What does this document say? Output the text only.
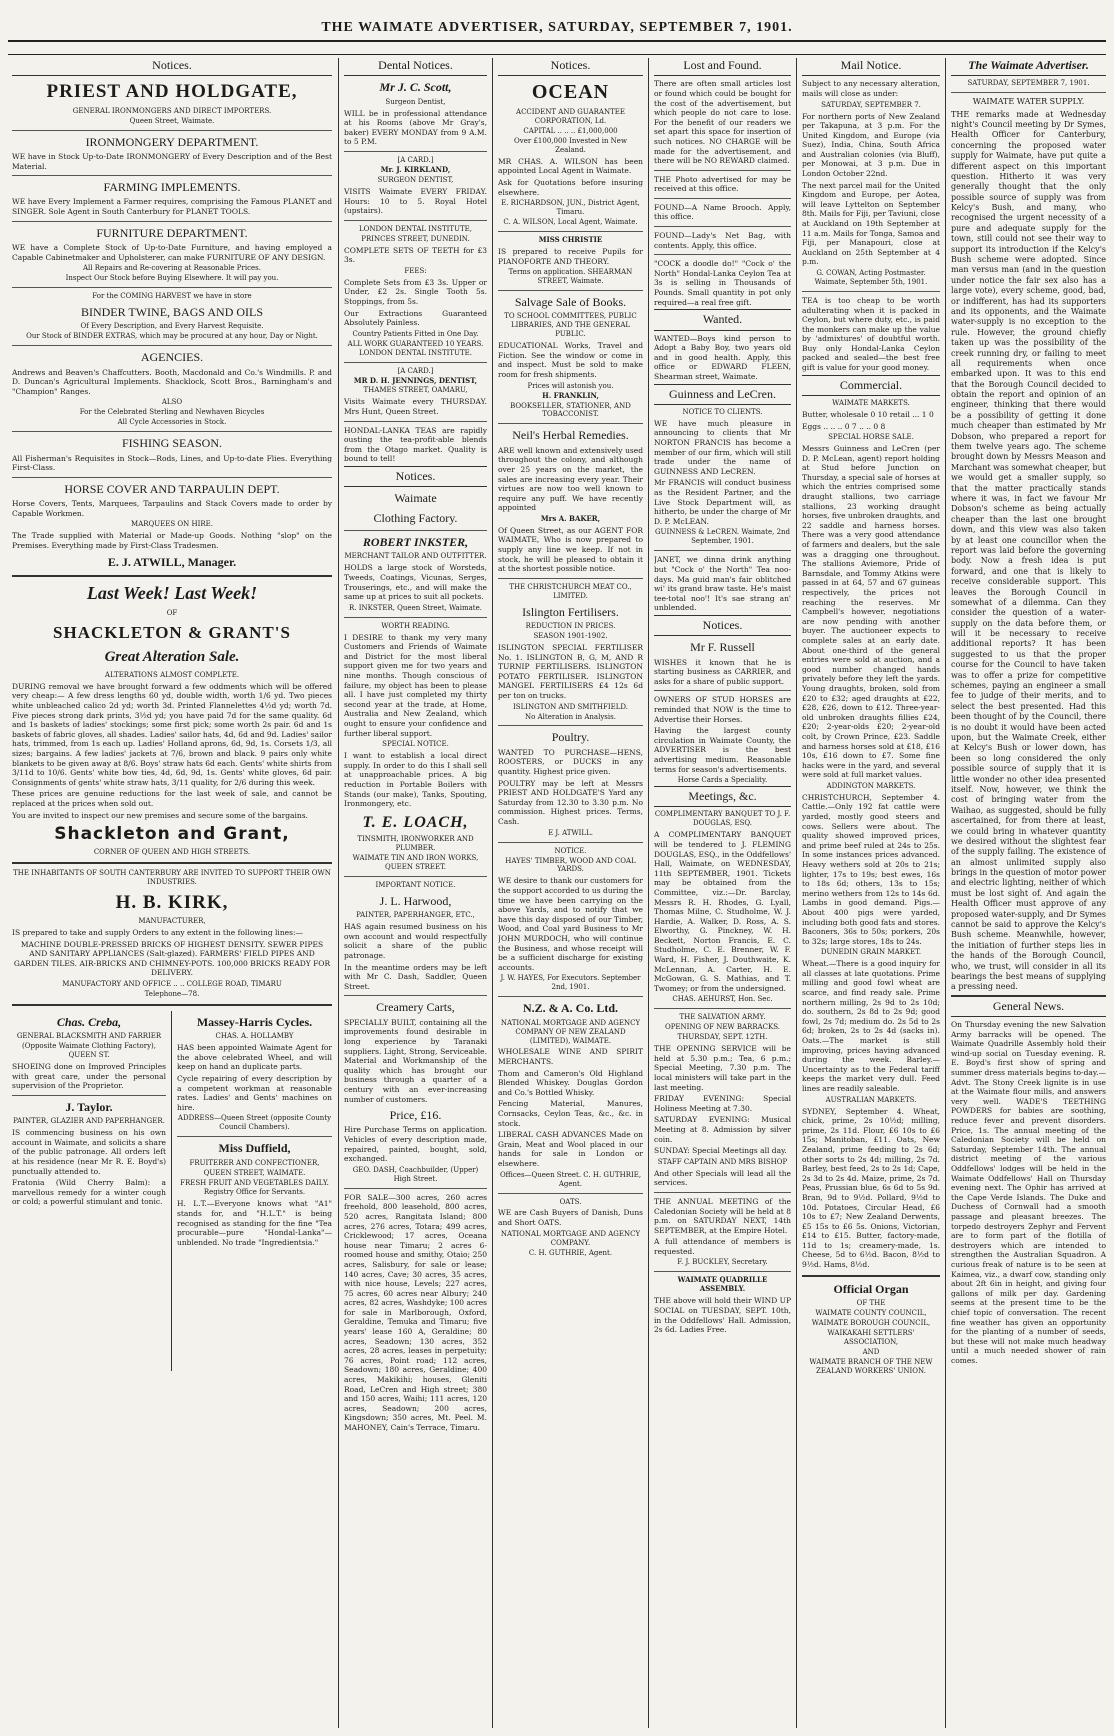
THE WAIMATE ADVERTISER, SATURDAY, SEPTEMBER 7, 1901.
Notices.
PRIEST AND HOLDGATE,
GENERAL IRONMONGERS AND DIRECT IMPORTERS.
Queen Street, Waimate.
IRONMONGERY DEPARTMENT.
WE have in Stock Up-to-Date IRONMONGERY of Every Description and of the Best Material.
FARMING IMPLEMENTS.
WE have Every Implement a Farmer requires, comprising the Famous PLANET and SINGER. Sole Agent in South Canterbury for PLANET TOOLS.
FURNITURE DEPARTMENT.
WE have a Complete Stock of Up-to-Date Furniture, and having employed a Capable Cabinetmaker and Upholsterer, can make FURNITURE OF ANY DESIGN.
All Repairs and Re-covering at Reasonable Prices.
Inspect Our Stock before Buying Elsewhere. It will pay you.
For the COMING HARVEST we have in store
BINDER TWINE, BAGS AND OILS
Of Every Description, and Every Harvest Requisite.
Our Stock of BINDER EXTRAS, which may be procured at any hour, Day or Night.
AGENCIES.
Andrews and Beaven's Chaffcutters. Booth, Macdonald and Co.'s Windmills. P. and D. Duncan's Agricultural Implements. Shacklock, Scott Bros., Barningham's and "Champion" Ranges.
ALSO
For the Celebrated Sterling and Newhaven Bicycles
All Cycle Accessories in Stock.
FISHING SEASON.
All Fisherman's Requisites in Stock—Rods, Lines, and Up-to-date Flies. Everything First-Class.
HORSE COVER AND TARPAULIN DEPT.
Horse Covers, Tents, Marquees, Tarpaulins and Stack Covers made to order by Capable Workmen.
MARQUEES ON HIRE.
The Trade supplied with Material or Made-up Goods. Nothing "slop" on the Premises. Everything made by First-Class Tradesmen.
E. J. ATWILL, Manager.
Last Week! Last Week!
OF
SHACKLETON & GRANT'S
Great Alteration Sale.
ALTERATIONS ALMOST COMPLETE.
DURING removal we have brought forward a few oddments which will be offered very cheap:— A few dress lengths 60 yd, double width, worth 1/6 yd. Two pieces white unbleached calico 2d yd; worth 3d. Printed Flannelettes 4½d yd; worth 7d. Five pieces strong dark prints, 3½d yd; you have paid 7d for the same quality. 6d and 1s baskets of ladies' stockings; some first pick; some worth 2s pair. 6d and 1s baskets of fabric gloves, all shades. Ladies' sailor hats, 4d, 6d and 9d. Ladies' sailor hats, trimmed, from 1s each up. Ladies' Holland aprons, 6d, 9d, 1s. Corsets 1/3, all sizes; bargains. A few ladies' jackets at 7/6, brown and black. 9 pairs only white blankets to be given away at 8/6. Boys' straw hats 6d each. Gents' white shirts from 3/11d to 10/6. Gents' white bow ties, 4d, 6d, 9d, 1s. Gents' white gloves, 6d pair. Consignments of gents' white straw hats, 3/11 quality, for 2/6 during this week.
These prices are genuine reductions for the last week of sale, and cannot be replaced at the prices when sold out.
You are invited to inspect our new premises and secure some of the bargains.
Shackleton and Grant,
CORNER OF QUEEN AND HIGH STREETS.
THE INHABITANTS OF SOUTH CANTERBURY ARE INVITED TO SUPPORT THEIR OWN INDUSTRIES.
H. B. KIRK,
MANUFACTURER,
IS prepared to take and supply Orders to any extent in the following lines:—
MACHINE DOUBLE-PRESSED BRICKS OF HIGHEST DENSITY. SEWER PIPES AND SANITARY APPLIANCES (Salt-glazed). FARMERS' FIELD PIPES AND GARDEN TILES. AIR-BRICKS AND CHIMNEY-POTS. 100,000 BRICKS READY FOR DELIVERY.
MANUFACTORY AND OFFICE .. .. COLLEGE ROAD, TIMARU
Telephone—78.
Chas. Creba,
GENERAL BLACKSMITH AND FARRIER
(Opposite Waimate Clothing Factory), QUEEN ST.
SHOEING done on Improved Principles with great care, under the personal supervision of the Proprietor.
J. Taylor.
PAINTER, GLAZIER AND PAPERHANGER.
IS commencing business on his own account in Waimate, and solicits a share of the public patronage. All orders left at his residence (near Mr R. E. Boyd's) punctually attended to.
Fratonia (Wild Cherry Balm): a marvellous remedy for a winter cough or cold; a powerful stimulant and tonic.
Massey-Harris Cycles.
CHAS. A. HOLLAMBY
HAS been appointed Waimate Agent for the above celebrated Wheel, and will keep on hand an duplicate parts.
Cycle repairing of every description by a competent workman at reasonable rates. Ladies' and Gents' machines on hire.
ADDRESS—Queen Street (opposite County Council Chambers).
Miss Duffield,
FRUITERER AND CONFECTIONER,
QUEEN STREET, WAIMATE.
FRESH FRUIT AND VEGETABLES DAILY.
Registry Office for Servants.
H. L.T.—Everyone knows what "A1" stands for, and "H.L.T." is being recognised as standing for the fine "Tea procurable—pure "Hondal-Lanka"—unblended. No trade "Ingredientsia."
Dental Notices.
Mr J. C. Scott,
Surgeon Dentist,
WILL be in professional attendance at his Rooms (above Mr Gray's, baker) EVERY MONDAY from 9 A.M. to 5 P.M.
[A CARD.]
Mr. J. KIRKLAND,
SURGEON DENTIST,
VISITS Waimate EVERY FRIDAY. Hours: 10 to 5. Royal Hotel (upstairs).
LONDON DENTAL INSTITUTE,
PRINCES STREET, DUNEDIN.
COMPLETE SETS OF TEETH for £3 3s.
FEES:
Complete Sets from £3 3s. Upper or Under, £2 2s. Single Tooth 5s. Stoppings, from 5s.
Our Extractions Guaranteed Absolutely Painless.
Country Patients Fitted in One Day.
ALL WORK GUARANTEED 10 YEARS. LONDON DENTAL INSTITUTE.
[A CARD.]
MR D. H. JENNINGS, DENTIST,
THAMES STREET, OAMARU,
Visits Waimate every THURSDAY. Mrs Hunt, Queen Street.
HONDAL-LANKA TEAS are rapidly ousting the tea-profit-able blends from the Otago market. Quality is bound to tell!
Notices.
Waimate
Clothing Factory.
ROBERT INKSTER,
MERCHANT TAILOR AND OUTFITTER.
HOLDS a large stock of Worsteds, Tweeds, Coatings, Vicunas, Serges, Trouserings, etc., and will make the same up at prices to suit all pockets.
R. INKSTER, Queen Street, Waimate.
WORTH READING.
I DESIRE to thank my very many Customers and Friends of Waimate and District for the most liberal support given me for two years and nine months. Though conscious of failure, my object has been to please all. I have just completed my thirty second year at the trade, at Home, Australia and New Zealand, which ought to ensure your confidence and further liberal support.
SPECIAL NOTICE.
I want to establish a local direct supply. In order to do this I shall sell at unapproachable prices. A big reduction in Portable Boilers with Stands (our make), Tanks, Spouting, Ironmongery, etc.
T. E. LOACH,
TINSMITH, IRONWORKER AND PLUMBER.
WAIMATE TIN AND IRON WORKS, QUEEN STREET.
IMPORTANT NOTICE.
J. L. Harwood,
PAINTER, PAPERHANGER, ETC.,
HAS again resumed business on his own account and would respectfully solicit a share of the public patronage.
In the meantime orders may be left with Mr C. Dash, Saddler, Queen Street.
Creamery Carts,
SPECIALLY BUILT, containing all the improvements found desirable in long experience by Taranaki suppliers. Light, Strong, Serviceable. Material and Workmanship of the quality which has brought our business through a quarter of a century with an ever-increasing number of customers.
Price, £16.
Hire Purchase Terms on application. Vehicles of every description made, repaired, painted, bought, sold, exchanged.
GEO. DASH, Coachbuilder, (Upper) High Street.
FOR SALE—300 acres, 260 acres freehold, 800 leasehold, 800 acres, 520 acres, Rangitata Island; 800 acres, 276 acres, Totara; 499 acres, Cricklewood; 17 acres, Oceana house near Timaru; 2 acres 6-roomed house and smithy, Otaio; 250 acres, Salisbury, for sale or lease; 140 acres, Cave; 30 acres, 35 acres, with nice house, Levels; 227 acres, 75 acres, 60 acres near Albury; 240 acres, 82 acres, Washdyke; 100 acres for sale in Marlborough, Oxford, Geraldine, Temuka and Timaru; five years' lease 160 A, Geraldine; 80 acres, Seadown; 130 acres, 352 acres, 28 acres, leases in perpetuity; 76 acres, Point road; 112 acres, Seadown; 180 acres, Geraldine; 400 acres, Makikihi; houses, Gleniti Road, LeCren and High street; 380 and 150 acres, Waihi; 111 acres, 120 acres, Seadown; 200 acres, Kingsdown; 350 acres, Mt. Peel. M. MAHONEY, Cain's Terrace, Timaru.
Notices.
OCEAN
ACCIDENT AND GUARANTEE CORPORATION, Ld.
CAPITAL .. .. .. £1,000,000
Over £100,000 Invested in New Zealand.
MR CHAS. A. WILSON has been appointed Local Agent in Waimate.
Ask for Quotations before insuring elsewhere.
E. RICHARDSON, JUN., District Agent, Timaru.
C. A. WILSON, Local Agent, Waimate.
MISS CHRISTIE
IS prepared to receive Pupils for PIANOFORTE AND THEORY.
Terms on application. SHEARMAN STREET, Waimate.
Salvage Sale of Books.
TO SCHOOL COMMITTEES, PUBLIC LIBRARIES, AND THE GENERAL PUBLIC.
EDUCATIONAL Works, Travel and Fiction. See the window or come in and inspect. Must be sold to make room for fresh shipments.
Prices will astonish you.
H. FRANKLIN,
BOOKSELLER, STATIONER, AND TOBACCONIST.
Neil's Herbal Remedies.
ARE well known and extensively used throughout the colony, and although over 25 years on the market, the sales are increasing every year. Their virtues are now too well known to require any puff. We have recently appointed
Mrs A. BAKER,
Of Queen Street, as our AGENT FOR WAIMATE, Who is now prepared to supply any line we keep. If not in stock, he will be pleased to obtain it at the shortest possible notice.
THE CHRISTCHURCH MEAT CO., LIMITED.
Islington Fertilisers.
REDUCTION IN PRICES.
SEASON 1901-1902.
ISLINGTON SPECIAL FERTILISER No. 1. ISLINGTON B, G, M, AND R TURNIP FERTILISERS. ISLINGTON POTATO FERTILISER. ISLINGTON MANGEL FERTILISERS £4 12s 6d per ton on trucks.
ISLINGTON AND SMITHFIELD.
No Alteration in Analysis.
Poultry.
WANTED TO PURCHASE—HENS, ROOSTERS, or DUCKS in any quantity. Highest price given.
POULTRY may be left at Messrs PRIEST AND HOLDGATE'S Yard any Saturday from 12.30 to 3.30 p.m. No commission. Highest prices. Terms, Cash.
E J. ATWILL.
NOTICE.
HAYES' TIMBER, WOOD AND COAL YARDS.
WE desire to thank our customers for the support accorded to us during the time we have been carrying on the above Yards, and to notify that we have this day disposed of our Timber, Wood, and Coal yard Business to Mr JOHN MURDOCH, who will continue the Business, and whose receipt will be a sufficient discharge for existing accounts.
J. W. HAYES, For Executors. September 2nd, 1901.
N.Z. & A. Co. Ltd.
NATIONAL MORTGAGE AND AGENCY COMPANY OF NEW ZEALAND (LIMITED), WAIMATE.
WHOLESALE WINE AND SPIRIT MERCHANTS.
Thom and Cameron's Old Highland Blended Whiskey. Douglas Gordon and Co.'s Bottled Whisky.
Fencing Material, Manures, Cornsacks, Ceylon Teas, &c., &c. in stock.
LIBERAL CASH ADVANCES Made on Grain, Meat and Wool placed in our hands for sale in London or elsewhere.
Offices—Queen Street. C. H. GUTHRIE, Agent.
OATS.
WE are Cash Buyers of Danish, Duns and Short OATS.
NATIONAL MORTGAGE AND AGENCY COMPANY.
C. H. GUTHRIE, Agent.
Lost and Found.
There are often small articles lost or found which could be bought for the cost of the advertisement, but which people do not care to lose. For the benefit of our readers we set apart this space for insertion of such notices. NO CHARGE will be made for the advertisement, and there will be NO REWARD claimed.
THE Photo advertised for may be received at this office.
FOUND—A Name Brooch. Apply, this office.
FOUND—Lady's Net Bag, with contents. Apply, this office.
"COCK a doodle do!" "Cock o' the North" Hondal-Lanka Ceylon Tea at 3s is selling in Thousands of Pounds. Small quantity in pot only required—a real free gift.
Wanted.
WANTED—Boys kind person to Adopt a Baby Boy, two years old and in good health. Apply, this office or EDWARD FLEEN, Shearman street, Waimate.
Guinness and LeCren.
NOTICE TO CLIENTS.
WE have much pleasure in announcing to clients that Mr NORTON FRANCIS has become a member of our firm, which will still trade under the name of GUINNESS AND LeCREN.
Mr FRANCIS will conduct business as the Resident Partner, and the Live Stock Department will, as hitherto, be under the charge of Mr D. P. McLEAN.
GUINNESS & LeCREN. Waimate, 2nd September, 1901.
JANET, we dinna drink anything but "Cock o' the North" Tea noo-days. Ma guid man's fair oblitched wi' its grand braw taste. He's maist tee-total noo'! It's sae strang an' unblended.
Notices.
Mr F. Russell
WISHES it known that he is starting business as CARRIER, and asks for a share of public support.
OWNERS OF STUD HORSES are reminded that NOW is the time to Advertise their Horses.
Having the largest county circulation in Waimate County, the ADVERTISER is the best advertising medium. Reasonable terms for season's advertisements.
Horse Cards a Speciality.
Meetings, &c.
COMPLIMENTARY BANQUET TO J. F. DOUGLAS, ESQ.
A COMPLIMENTARY BANQUET will be tendered to J. FLEMING DOUGLAS, ESQ., in the Oddfellows' Hall, Waimate, on WEDNESDAY, 11th SEPTEMBER, 1901. Tickets may be obtained from the Committee, viz.:—Dr. Barclay, Messrs R. H. Rhodes, G. Lyall, Thomas Milne, C. Studholme, W. J. Hardie, A. Walker, D. Ross, A. S. Elworthy, G. Pinckney, W. H. Beckett, Norton Francis, E. C. Studholme, C. E. Brenner, W. F. Ward, H. Fisher, J. Douthwaite, K. McLennan, A. Carter, H. E. McGowan, G. S. Mathias, and T. Twomey; or from the undersigned.
CHAS. AEHURST, Hon. Sec.
THE SALVATION ARMY.
OPENING OF NEW BARRACKS.
THURSDAY, SEPT. 12TH.
THE OPENING SERVICE will be held at 5.30 p.m.; Tea, 6 p.m.; Special Meeting, 7.30 p.m. The local ministers will take part in the last meeting.
FRIDAY EVENING: Special Holiness Meeting at 7.30.
SATURDAY EVENING: Musical Meeting at 8. Admission by silver coin.
SUNDAY: Special Meetings all day.
STAFF CAPTAIN AND MRS BISHOP
And other Specials will lead all the services.
THE ANNUAL MEETING of the Caledonian Society will be held at 8 p.m. on SATURDAY NEXT, 14th SEPTEMBER, at the Empire Hotel.
A full attendance of members is requested.
F. J. BUCKLEY, Secretary.
WAIMATE QUADRILLE ASSEMBLY.
THE above will hold their WIND UP SOCIAL on TUESDAY, SEPT. 10th, in the Oddfellows' Hall. Admission, 2s 6d. Ladies Free.
Mail Notice.
Subject to any necessary alteration, mails will close as under:
SATURDAY, SEPTEMBER 7.
For northern ports of New Zealand per Takapuna, at 3 p.m. For the United Kingdom, and Europe (via Suez), India, China, South Africa and Australian colonies (via Bluff), per Monowai, at 3 p.m. Due in London October 22nd.
The next parcel mail for the United Kingdom and Europe, per Aotea, will leave Lyttelton on September 8th. Mails for Fiji, per Taviuni, close at Auckland on 19th September at 11 a.m. Mails for Tonga, Samoa and Fiji, per Manapouri, close at Auckland on 25th September at 4 p.m.
G. COWAN, Acting Postmaster. Waimate, September 5th, 1901.
TEA is too cheap to be worth adulterating when it is packed in Ceylon, but where duty, etc., is paid the monkers can make up the value by 'admixtures' of doubtful worth. Buy only Hondal-Lanka Ceylon packed and sealed—the best free gift is value for your good money.
Commercial.
WAIMATE MARKETS.
Butter, wholesale 0 10 retail ... 1 0
Eggs .. .. .. 0 7 .. .. 0 8
SPECIAL HORSE SALE.
Messrs Guinness and LeCren (per D. P. McLean, agent) report holding at Stud before Junction on Thursday, a special sale of horses at which the entries comprised some draught stallions, two carriage stallions, 23 working draught horses, five unbroken draughts, and 22 saddle and harness horses. There was a very good attendance of farmers and dealers, but the sale was a dragging one throughout. The stallions Aviemore, Pride of Barnsdale, and Tommy Atkins were passed in at 64, 57 and 67 guineas respectively, the prices not reaching the reserves. Mr Campbell's however, negotiations are now pending with another buyer. The auctioneer expects to complete sales at an early date. About one-third of the general entries were sold at auction, and a good number changed hands privately before they left the yards. Young draughts, broken, sold from £20 to £32; aged draughts at £22, £28, £26, down to £12. Three-year-old unbroken draughts fillies £24, £20; 2-year-olds £20; 2-year-old colt, by Crown Prince, £23. Saddle and harness horses sold at £18, £16 10s, £16 down to £7. Some fine hacks were in the yard, and several were sold at full market values.
ADDINGTON MARKETS.
CHRISTCHURCH, September 4. Cattle.—Only 192 fat cattle were yarded, mostly good steers and cows. Sellers were about. The quality showed improved prices, and prime beef ruled at 24s to 25s. In some instances prices advanced. Heavy wethers sold at 20s to 21s; lighter, 17s to 19s; best ewes, 16s to 18s 6d; others, 13s to 15s; merino wethers from 12s to 14s 6d. Lambs in good demand. Pigs.—About 400 pigs were yarded, including both good fats and stores. Baconers, 36s to 50s; porkers, 20s to 32s; large stores, 18s to 24s.
DUNEDIN GRAIN MARKET.
Wheat.—There is a good inquiry for all classes at late quotations. Prime milling and good fowl wheat are scarce, and find ready sale. Prime northern milling, 2s 9d to 2s 10d; do. southern, 2s 8d to 2s 9d; good fowl, 2s 7d; medium do. 2s 5d to 2s 6d; broken, 2s to 2s 4d (sacks in). Oats.—The market is still improving, prices having advanced during the week. Barley.—Uncertainty as to the Federal tariff keeps the market very dull. Feed lines are readily saleable.
AUSTRALIAN MARKETS.
SYDNEY, September 4. Wheat, chick, prime, 2s 10½d; milling, prime, 2s 11d. Flour, £6 10s to £6 15s; Manitoban, £11. Oats, New Zealand, prime feeding to 2s 6d; other sorts to 2s 4d; milling, 2s 7d. Barley, best feed, 2s to 2s 1d; Cape, 2s 3d to 2s 4d. Maize, prime, 2s 7d. Peas, Prussian blue, 6s 6d to 5s 9d. Bran, 9d to 9½d. Pollard, 9½d to 10d. Potatoes, Circular Head, £6 10s to £7; New Zealand Derwents, £5 15s to £6 5s. Onions, Victorian, £14 to £15. Butter, factory-made, 11d to 1s; creamery-made, 1s. Cheese, 5d to 6½d. Bacon, 8½d to 9½d. Hams, 8½d.
Official Organ
OF THE
WAIMATE COUNTY COUNCIL,
WAIMATE BOROUGH COUNCIL,
WAIKAKAHI SETTLERS' ASSOCIATION,
AND
WAIMATE BRANCH OF THE NEW ZEALAND WORKERS' UNION.
The Waimate Advertiser.
SATURDAY, SEPTEMBER 7, 1901.
WAIMATE WATER SUPPLY.
THE remarks made at Wednesday night's Council meeting by Dr Symes, Health Officer for Canterbury, concerning the proposed water supply for Waimate, have put quite a different aspect on this important question. Hitherto it was very generally thought that the only possible source of supply was from Kelcy's Bush, and many, who recognised the urgent necessity of a pure and adequate supply for the town, still could not see their way to support its introduction if the Kelcy's Bush scheme were adopted. Since man versus man (and in the question under notice the fair sex also has a large vote), every scheme, good, bad, or indifferent, has had its supporters and its opponents, and the Waimate water-supply is no exception to the rule. However, the ground chiefly taken up was the possibility of the creek running dry, or failing to meet all requirements when once embarked upon. It was to this end that the Borough Council decided to obtain the report and opinion of an engineer, thinking that there would be a possibility of getting it done much cheaper than estimated by Mr Dobson, who prepared a report for them twelve years ago. The scheme brought down by Messrs Meason and Marchant was somewhat cheaper, but we would get a smaller supply, so that the matter practically stands where it was, in fact we favour Mr Dobson's scheme as being actually cheaper than the last one brought down, and this view was also taken by at least one councillor when the report was laid before the governing body. Now a fresh idea is put forward, and one that is likely to receive considerable support. This leaves the Borough Council in somewhat of a dilemma. Can they consider the question of a water-supply on the data before them, or will it be necessary to receive additional reports? It has been suggested to us that the proper course for the Council to have taken was to offer a prize for competitive schemes, paying an engineer a small fee to judge of their merits, and to select the best presented. Had this been thought of by the Council, there is no doubt it would have been acted upon, but the Waimate Creek, either at Kelcy's Bush or lower down, has been so long considered the only possible source of supply that it is little wonder no other idea presented itself. Now, however, we think the cost of bringing water from the Waihao, as suggested, should be fully ascertained, for from there at least, we could bring in whatever quantity we desired without the slightest fear of the supply failing. The existence of an almost unlimited supply also brings in the question of motor power and electric lighting, neither of which must be lost sight of. And again the Health Officer must approve of any proposed water-supply, and Dr Symes cannot be said to approve the Kelcy's Bush scheme. Meanwhile, however, the initiation of further steps lies in the hands of the Borough Council, who, we trust, will consider in all its bearings the best means of supplying a pressing need.
General News.
On Thursday evening the new Salvation Army barracks will be opened. The Waimate Quadrille Assembly hold their wind-up social on Tuesday evening. R. E. Boyd's first show of spring and summer dress materials begins to-day.—Advt. The Stony Creek lignite is in use at the Waimate flour mills, and answers very well. WADE'S TEETHING POWDERS for babies are soothing, reduce fever and prevent disorders. Price, 1s. The annual meeting of the Caledonian Society will be held on Saturday, September 14th. The annual district meeting of the various Oddfellows' lodges will be held in the Waimate Oddfellows' Hall on Thursday evening next. The Ophir has arrived at the Cape Verde Islands. The Duke and Duchess of Cornwall had a smooth passage and pleasant breezes. The torpedo destroyers Zephyr and Fervent are to form part of the flotilla of destroyers which are intended to strengthen the Australian Squadron. A curious freak of nature is to be seen at Kaimea, viz., a dwarf cow, standing only about 2ft 6in in height, and giving four gallons of milk per day. Gardening seems at the present time to be the chief topic of conversation. The recent fine weather has given an opportunity for the planting of a number of seeds, but these will not make much headway until a much needed shower of rain comes.
